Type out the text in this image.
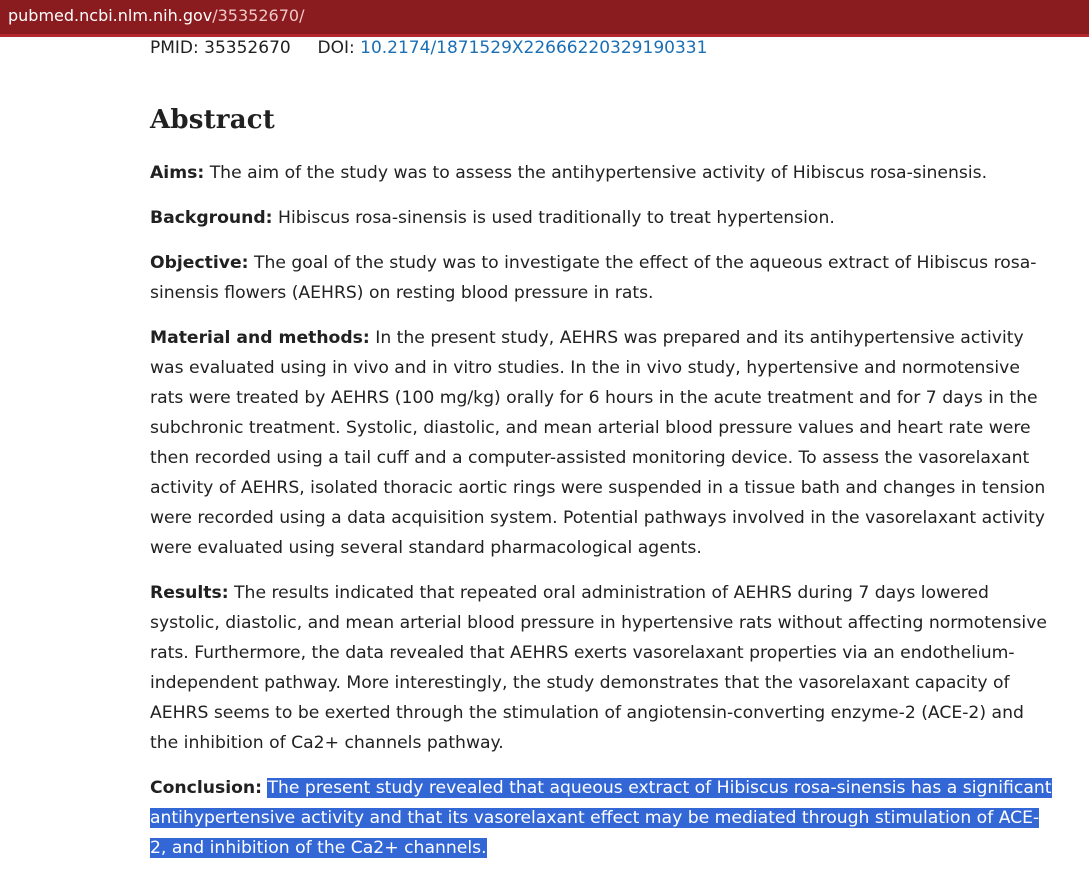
pubmed.ncbi.nlm.nih.gov/35352670/
PMID: 35352670 DOI: 10.2174/1871529X22666220329190331
Abstract

Aims: The aim of the study was to assess the antihypertensive activity of Hibiscus rosa-sinensis.

Background: Hibiscus rosa-sinensis is used traditionally to treat hypertension.

Objective: The goal of the study was to investigate the effect of the aqueous extract of Hibiscus rosa-sinensis flowers (AEHRS) on resting blood pressure in rats.

Material and methods: In the present study, AEHRS was prepared and its antihypertensive activity was evaluated using in vivo and in vitro studies. In the in vivo study, hypertensive and normotensive rats were treated by AEHRS (100 mg/kg) orally for 6 hours in the acute treatment and for 7 days in the subchronic treatment. Systolic, diastolic, and mean arterial blood pressure values and heart rate were then recorded using a tail cuff and a computer-assisted monitoring device. To assess the vasorelaxant activity of AEHRS, isolated thoracic aortic rings were suspended in a tissue bath and changes in tension were recorded using a data acquisition system. Potential pathways involved in the vasorelaxant activity were evaluated using several standard pharmacological agents.

Results: The results indicated that repeated oral administration of AEHRS during 7 days lowered systolic, diastolic, and mean arterial blood pressure in hypertensive rats without affecting normotensive rats. Furthermore, the data revealed that AEHRS exerts vasorelaxant properties via an endothelium-independent pathway. More interestingly, the study demonstrates that the vasorelaxant capacity of AEHRS seems to be exerted through the stimulation of angiotensin-converting enzyme-2 (ACE-2) and the inhibition of Ca2+ channels pathway.

Conclusion: The present study revealed that aqueous extract of Hibiscus rosa-sinensis has a significant antihypertensive activity and that its vasorelaxant effect may be mediated through stimulation of ACE-2, and inhibition of the Ca2+ channels.
